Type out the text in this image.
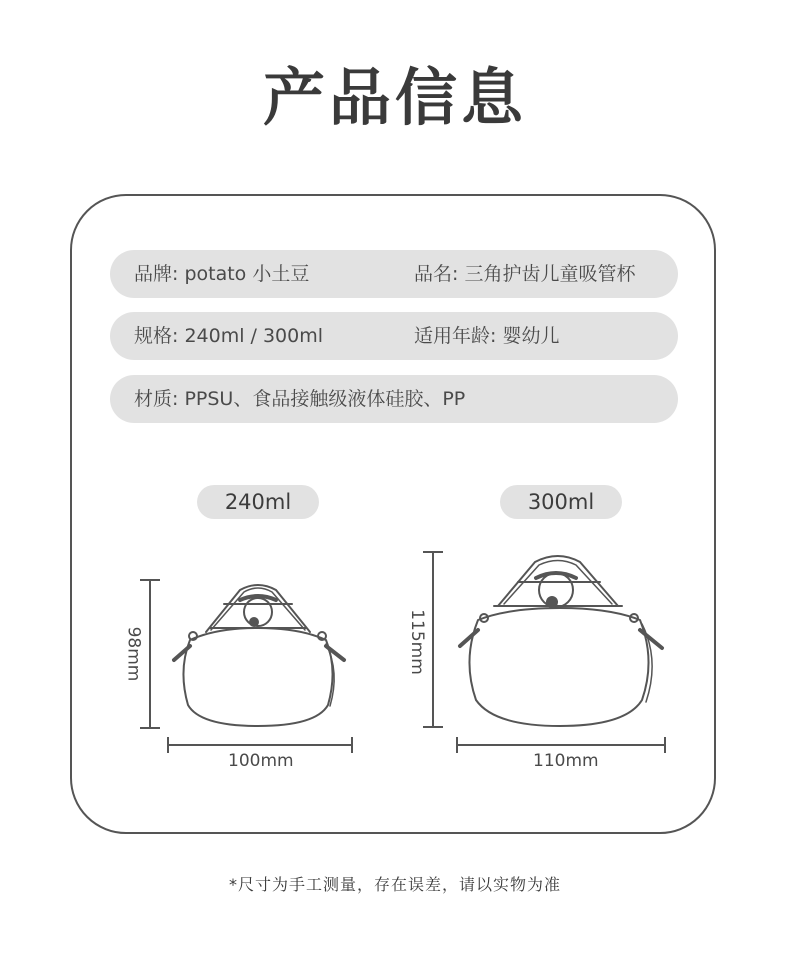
产品信息
品牌: potato 小土豆	品名: 三角护齿儿童吸管杯
规格: 240ml / 300ml	适用年龄: 婴幼儿
材质: PPSU、食品接触级液体硅胶、PP
240ml	300ml
98mm
100mm
115mm
110mm
*尺寸为手工测量，存在误差，请以实物为准
